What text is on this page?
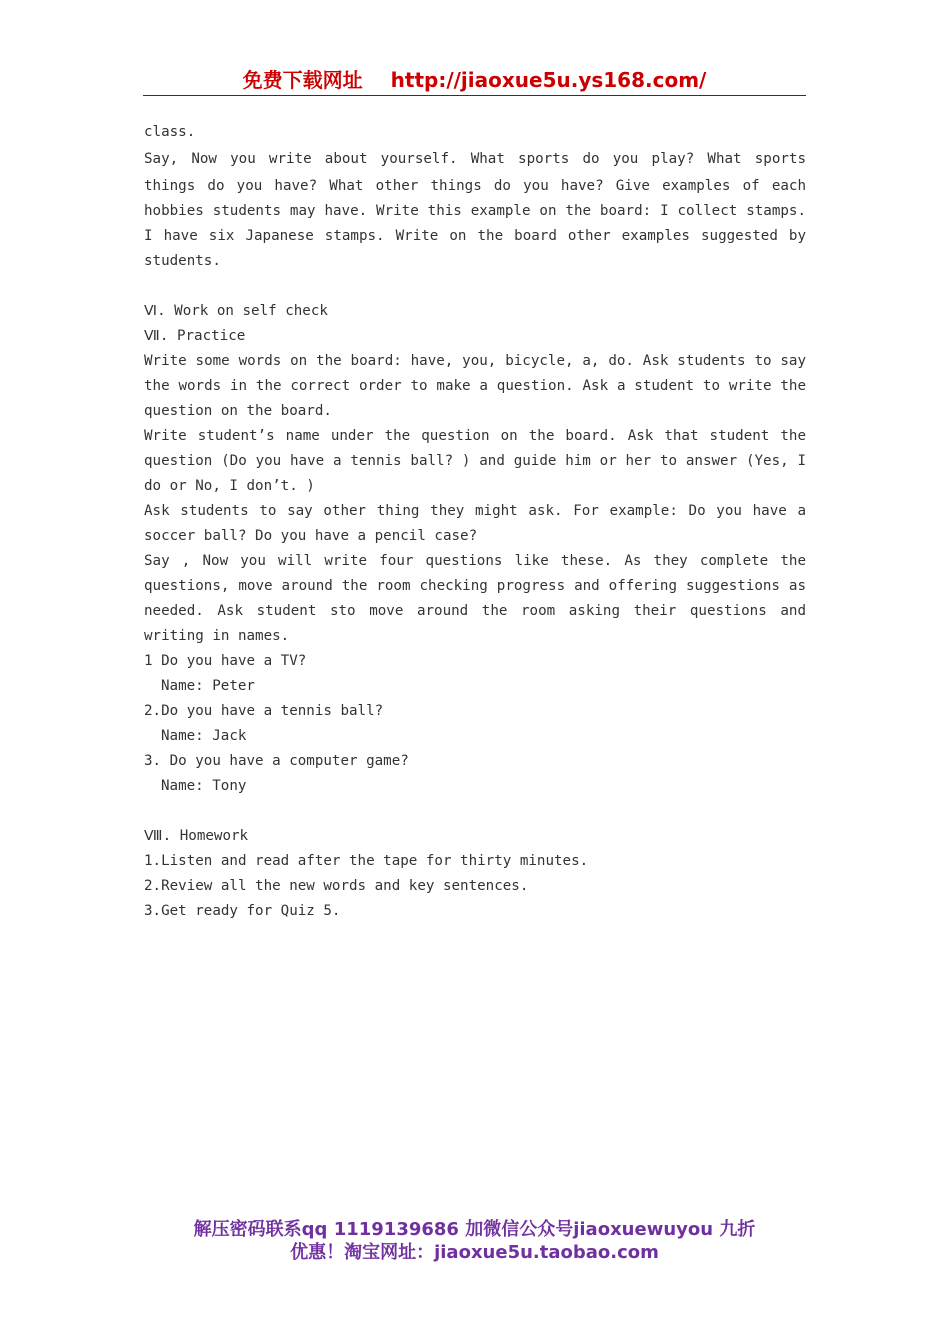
免费下载网址 http://jiaoxue5u.ys168.com/

class.

Say, Now you write about yourself. What sports do you play? What sports

things do you have? What other things do you have? Give examples of each hobbies students may have. Write this example on the board: I collect stamps. I have six Japanese stamps. Write on the board other examples suggested by students.

Ⅵ. Work on self check

Ⅶ. Practice

Write some words on the board: have, you, bicycle, a, do. Ask students to say the words in the correct order to make a question. Ask a student to write the question on the board.

Write student’s name under the question on the board. Ask that student the question (Do you have a tennis ball? ) and guide him or her to answer (Yes, I do or No, I don’t. )

Ask students to say other thing they might ask. For example: Do you have a soccer ball? Do you have a pencil case?

Say , Now you will write four questions like these. As they complete the questions, move around the room checking progress and offering suggestions as needed. Ask student sto move around the room asking their questions and writing in names.

1 Do you have a TV?

Name: Peter

2.Do you have a tennis ball?

Name: Jack

3. Do you have a computer game?

Name: Tony

Ⅷ. Homework

1.Listen and read after the tape for thirty minutes.

2.Review all the new words and key sentences.

3.Get ready for Quiz 5.

解压密码联系qq 1119139686 加微信公众号jiaoxuewuyou 九折
优惠！淘宝网址：jiaoxue5u.taobao.com
